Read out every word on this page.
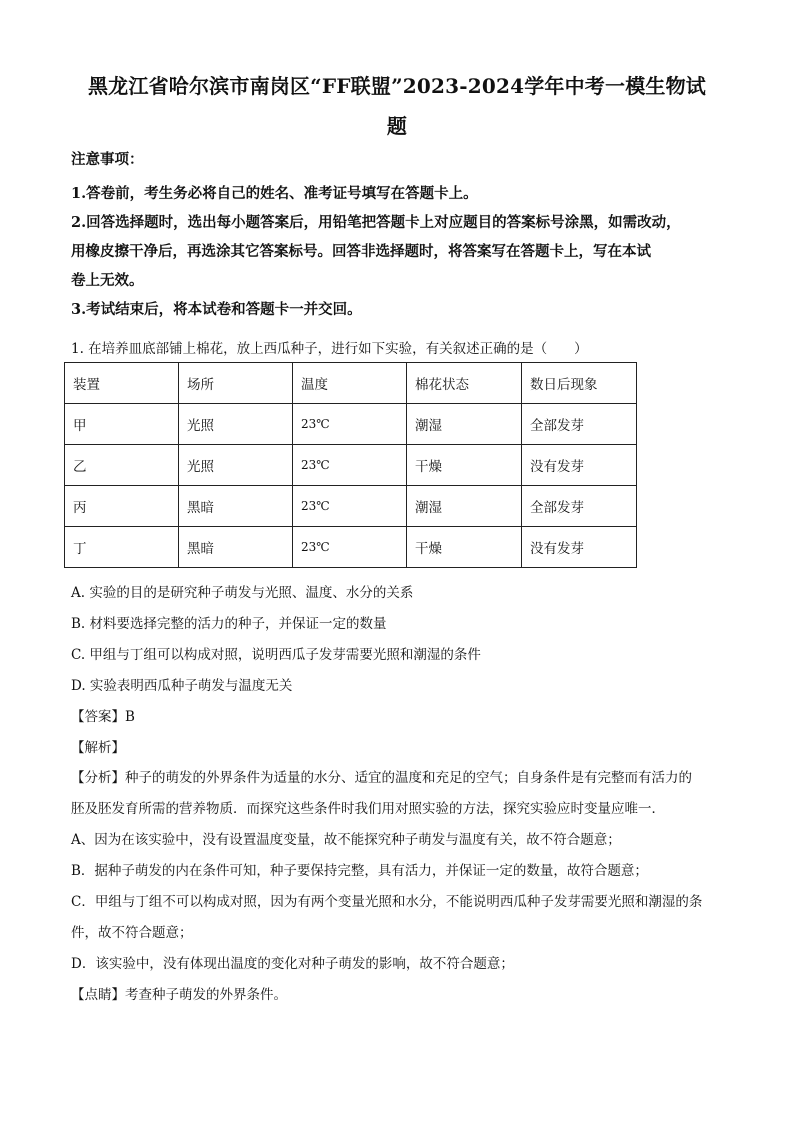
黑龙江省哈尔滨市南岗区“FF联盟”2023-2024学年中考一模生物试
题
注意事项：

1.答卷前，考生务必将自己的姓名、准考证号填写在答题卡上。

2.回答选择题时，选出每小题答案后，用铅笔把答题卡上对应题目的答案标号涂黑，如需改动，

用橡皮擦干净后，再选涂其它答案标号。回答非选择题时，将答案写在答题卡上，写在本试

卷上无效。

3.考试结束后，将本试卷和答题卡一并交回。

1. 在培养皿底部铺上棉花，放上西瓜种子，进行如下实验，有关叙述正确的是（　　）
装置	场所	温度	棉花状态	数日后现象
甲	光照	23℃	潮湿	全部发芽
乙	光照	23℃	干燥	没有发芽
丙	黑暗	23℃	潮湿	全部发芽
丁	黑暗	23℃	干燥	没有发芽

A. 实验的目的是研究种子萌发与光照、温度、水分的关系

B. 材料要选择完整的活力的种子，并保证一定的数量

C. 甲组与丁组可以构成对照，说明西瓜子发芽需要光照和潮湿的条件

D. 实验表明西瓜种子萌发与温度无关

【答案】B

【解析】

【分析】种子的萌发的外界条件为适量的水分、适宜的温度和充足的空气；自身条件是有完整而有活力的

胚及胚发育所需的营养物质．而探究这些条件时我们用对照实验的方法，探究实验应时变量应唯一．

A、因为在该实验中，没有设置温度变量，故不能探究种子萌发与温度有关，故不符合题意；

B．据种子萌发的内在条件可知，种子要保持完整，具有活力，并保证一定的数量，故符合题意；

C．甲组与丁组不可以构成对照，因为有两个变量光照和水分，不能说明西瓜种子发芽需要光照和潮湿的条

件，故不符合题意；

D．该实验中，没有体现出温度的变化对种子萌发的影响，故不符合题意；

【点睛】考查种子萌发的外界条件。
